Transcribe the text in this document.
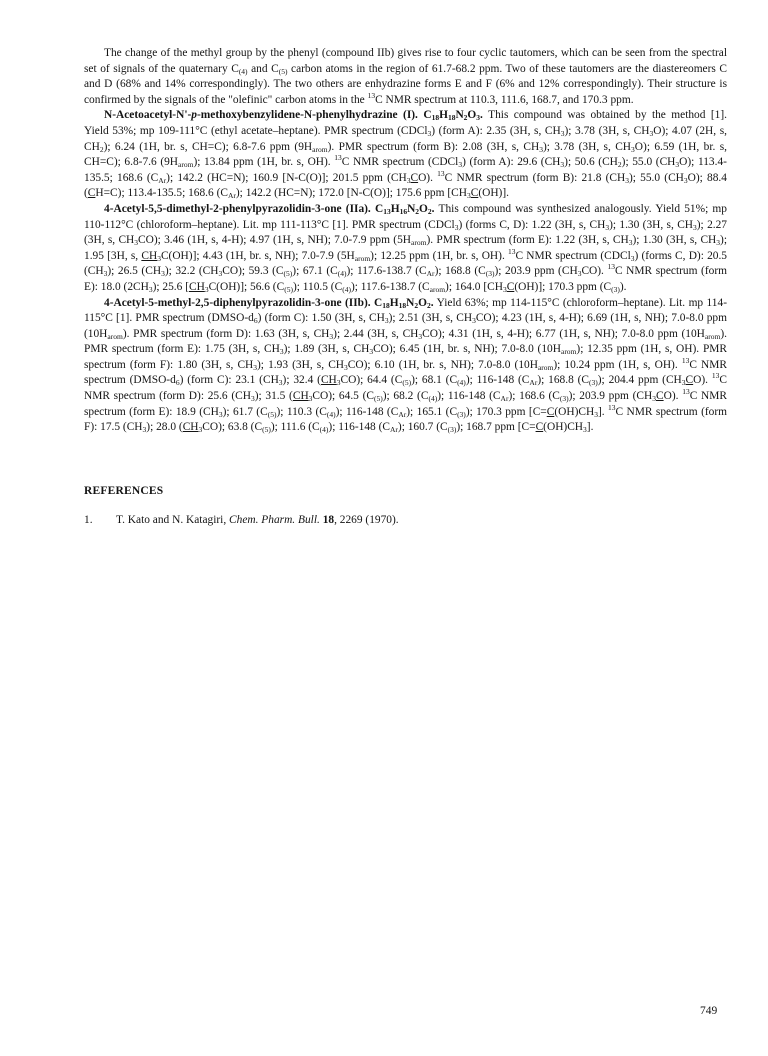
The change of the methyl group by the phenyl (compound IIb) gives rise to four cyclic tautomers, which can be seen from the spectral set of signals of the quaternary $C_{(4)}$ and $C_{(5)}$ carbon atoms in the region of 61.7-68.2 ppm. Two of these tautomers are the diastereomers C and D (68% and 14% correspondingly). The two others are enhydrazine forms E and F (6% and 12% correspondingly). Their structure is confirmed by the signals of the "olefinic" carbon atoms in the $^{13}$C NMR spectrum at 110.3, 111.6, 168.7, and 170.3 ppm.

N-Acetoacetyl-N'-p-methoxybenzylidene-N-phenylhydrazine (I). $C_{18}H_{18}N_2O_3$. This compound was obtained by the method [1]. Yield 53%; mp 109-111°C (ethyl acetate–heptane). PMR spectrum (CDCl$_3$) (form A): 2.35 (3H, s, $CH_3$); 3.78 (3H, s, $CH_3O$); 4.07 (2H, s, $CH_2$); 6.24 (1H, br. s, CH=C); 6.8-7.6 ppm $(9H_{arom})$. PMR spectrum (form B): 2.08 (3H, s, $CH_3$); 3.78 (3H, s, $CH_3O$); 6.59 (1H, br. s, CH=C); 6.8-7.6 $(9H_{arom})$; 13.84 ppm (1H, br. s, OH). $^{13}$C NMR spectrum (CDCl$_3$) (form A): 29.6 $(CH_3)$; 50.6 $(CH_2)$; 55.0 $(CH_3O)$; 113.4-135.5; 168.6 $(C_{Ar})$; 142.2 (HC=N); 160.9 [N-C(O)]; 201.5 ppm $(CH_3CO)$. $^{13}$C NMR spectrum (form B): 21.8 $(CH_3)$; 55.0 $(CH_3O)$; 88.4 (CH=C); 113.4-135.5; 168.6 $(C_{Ar})$; 142.2 (HC=N); 172.0 [N-C(O)]; 175.6 ppm $[CH_3C(OH)]$.

4-Acetyl-5,5-dimethyl-2-phenylpyrazolidin-3-one (IIa). $C_{13}H_{16}N_2O_2$. This compound was synthesized analogously. Yield 51%; mp 110-112°C (chloroform–heptane). Lit. mp 111-113°C [1]. PMR spectrum (CDCl$_3$) (forms C, D): 1.22 (3H, s, $CH_3$); 1.30 (3H, s, $CH_3$); 2.27 (3H, s, $CH_3CO$); 3.46 (1H, s, 4-H); 4.97 (1H, s, NH); 7.0-7.9 ppm $(5H_{arom})$. PMR spectrum (form E): 1.22 (3H, s, $CH_3$); 1.30 (3H, s, $CH_3$); 1.95 [3H, s, $CH_3C(OH)$]; 4.43 (1H, br. s, NH); 7.0-7.9 $(5H_{arom})$; 12.25 ppm (1H, br. s, OH). $^{13}$C NMR spectrum (CDCl$_3$) (forms C, D): 20.5 $(CH_3)$; 26.5 $(CH_3)$; 32.2 $(CH_3CO)$; 59.3 $(C_{(5)})$; 67.1 $(C_{(4)})$; 117.6-138.7 $(C_{Ar})$; 168.8 $(C_{(3)})$; 203.9 ppm $(CH_3CO)$. $^{13}$C NMR spectrum (form E): 18.0 $(2CH_3)$; 25.6 $[CH_3C(OH)]$; 56.6 $(C_{(5)})$; 110.5 $(C_{(4)})$; 117.6-138.7 $(C_{arom})$; 164.0 $[CH_3C(OH)]$; 170.3 ppm $(C_{(3)})$.

4-Acetyl-5-methyl-2,5-diphenylpyrazolidin-3-one (IIb). $C_{18}H_{18}N_2O_2$. Yield 63%; mp 114-115°C (chloroform–heptane). Lit. mp 114-115°C [1]. PMR spectrum $(DMSO-d_6)$ (form C): 1.50 (3H, s, $CH_3$); 2.51 (3H, s, $CH_3CO$); 4.23 (1H, s, 4-H); 6.69 (1H, s, NH); 7.0-8.0 ppm $(10H_{arom})$. PMR spectrum (form D): 1.63 (3H, s, $CH_3$); 2.44 (3H, s, $CH_3CO$); 4.31 (1H, s, 4-H); 6.77 (1H, s, NH); 7.0-8.0 ppm $(10H_{arom})$. PMR spectrum (form E): 1.75 (3H, s, $CH_3$); 1.89 (3H, s, $CH_3CO$); 6.45 (1H, br. s, NH); 7.0-8.0 $(10H_{arom})$; 12.35 ppm (1H, s, OH). PMR spectrum (form F): 1.80 (3H, s, $CH_3$); 1.93 (3H, s, $CH_3CO$); 6.10 (1H, br. s, NH); 7.0-8.0 $(10H_{arom})$; 10.24 ppm (1H, s, OH). $^{13}$C NMR spectrum $(DMSO-d_6)$ (form C): 23.1 $(CH_3)$; 32.4 $(CH_3CO)$; 64.4 $(C_{(5)})$; 68.1 $(C_{(4)})$; 116-148 $(C_{Ar})$; 168.8 $(C_{(3)})$; 204.4 ppm $(CH_3CO)$. $^{13}$C NMR spectrum (form D): 25.6 $(CH_3)$; 31.5 $(CH_3CO)$; 64.5 $(C_{(5)})$; 68.2 $(C_{(4)})$; 116-148 $(C_{Ar})$; 168.6 $(C_{(3)})$; 203.9 ppm $(CH_3CO)$. $^{13}$C NMR spectrum (form E): 18.9 $(CH_3)$; 61.7 $(C_{(5)})$; 110.3 $(C_{(4)})$; 116-148 $(C_{Ar})$; 165.1 $(C_{(3)})$; 170.3 ppm $[C=C(OH)CH_3]$. $^{13}$C NMR spectrum (form F): 17.5 $(CH_3)$; 28.0 $(CH_3CO)$; 63.8 $(C_{(5)})$; 111.6 $(C_{(4)})$; 116-148 $(C_{Ar})$; 160.7 $(C_{(3)})$; 168.7 ppm $[C=C(OH)CH_3]$.

REFERENCES
1.	T. Kato and N. Katagiri, Chem. Pharm. Bull. 18, 2269 (1970).
749
